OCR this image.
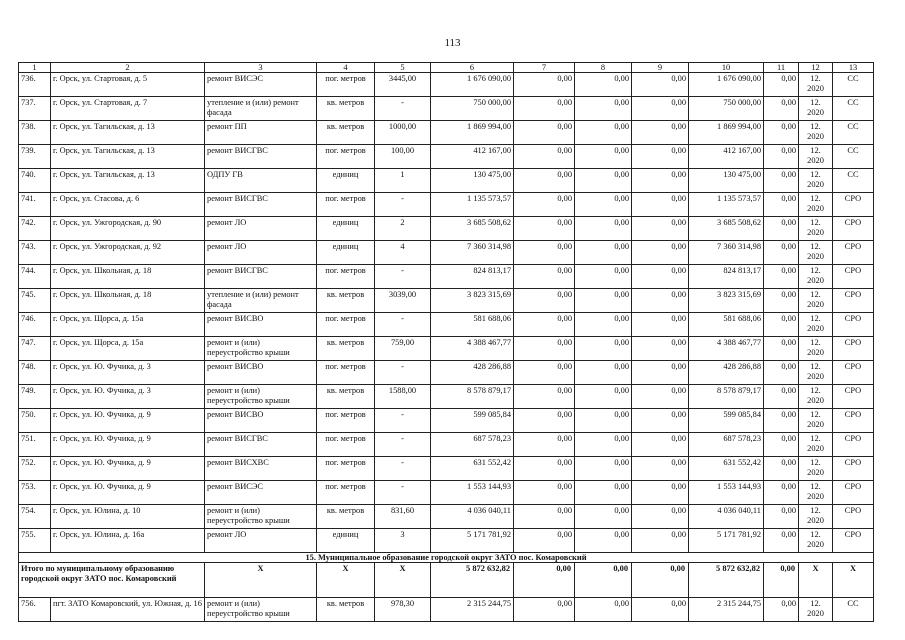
113
1	2	3	4	5	6	7	8	9	10	11	12	13
736.	г. Орск, ул. Стартовая, д. 5	ремонт ВИСЭС	пог. метров	3445,00	1 676 090,00	0,00	0,00	0,00	1 676 090,00	0,00	12. 2020	СС
737.	г. Орск, ул. Стартовая, д. 7	утепление и (или) ремонт фасада	кв. метров	-	750 000,00	0,00	0,00	0,00	750 000,00	0,00	12. 2020	СС
738.	г. Орск, ул. Тагильская, д. 13	ремонт ПП	кв. метров	1000,00	1 869 994,00	0,00	0,00	0,00	1 869 994,00	0,00	12. 2020	СС
739.	г. Орск, ул. Тагильская, д. 13	ремонт ВИСГВС	пог. метров	100,00	412 167,00	0,00	0,00	0,00	412 167,00	0,00	12. 2020	СС
740.	г. Орск, ул. Тагильская, д. 13	ОДПУ ГВ	единиц	1	130 475,00	0,00	0,00	0,00	130 475,00	0,00	12. 2020	СС
741.	г. Орск, ул. Стасова, д. 6	ремонт ВИСГВС	пог. метров	-	1 135 573,57	0,00	0,00	0,00	1 135 573,57	0,00	12. 2020	СРО
742.	г. Орск, ул. Ужгородская, д. 90	ремонт ЛО	единиц	2	3 685 508,62	0,00	0,00	0,00	3 685 508,62	0,00	12. 2020	СРО
743.	г. Орск, ул. Ужгородская, д. 92	ремонт ЛО	единиц	4	7 360 314,98	0,00	0,00	0,00	7 360 314,98	0,00	12. 2020	СРО
744.	г. Орск, ул. Школьная, д. 18	ремонт ВИСГВС	пог. метров	-	824 813,17	0,00	0,00	0,00	824 813,17	0,00	12. 2020	СРО
745.	г. Орск, ул. Школьная, д. 18	утепление и (или) ремонт фасада	кв. метров	3039,00	3 823 315,69	0,00	0,00	0,00	3 823 315,69	0,00	12. 2020	СРО
746.	г. Орск, ул. Щорса, д. 15а	ремонт ВИСВО	пог. метров	-	581 688,06	0,00	0,00	0,00	581 688,06	0,00	12. 2020	СРО
747.	г. Орск, ул. Щорса, д. 15а	ремонт и (или) переустройство крыши	кв. метров	759,00	4 388 467,77	0,00	0,00	0,00	4 388 467,77	0,00	12. 2020	СРО
748.	г. Орск, ул. Ю. Фучика, д. 3	ремонт ВИСВО	пог. метров	-	428 286,88	0,00	0,00	0,00	428 286,88	0,00	12. 2020	СРО
749.	г. Орск, ул. Ю. Фучика, д. 3	ремонт и (или) переустройство крыши	кв. метров	1588,00	8 578 879,17	0,00	0,00	0,00	8 578 879,17	0,00	12. 2020	СРО
750.	г. Орск, ул. Ю. Фучика, д. 9	ремонт ВИСВО	пог. метров	-	599 085,84	0,00	0,00	0,00	599 085,84	0,00	12. 2020	СРО
751.	г. Орск, ул. Ю. Фучика, д. 9	ремонт ВИСГВС	пог. метров	-	687 578,23	0,00	0,00	0,00	687 578,23	0,00	12. 2020	СРО
752.	г. Орск, ул. Ю. Фучика, д. 9	ремонт ВИСХВС	пог. метров	-	631 552,42	0,00	0,00	0,00	631 552,42	0,00	12. 2020	СРО
753.	г. Орск, ул. Ю. Фучика, д. 9	ремонт ВИСЭС	пог. метров	-	1 553 144,93	0,00	0,00	0,00	1 553 144,93	0,00	12. 2020	СРО
754.	г. Орск, ул. Юлина, д. 10	ремонт и (или) переустройство крыши	кв. метров	831,60	4 036 040,11	0,00	0,00	0,00	4 036 040,11	0,00	12. 2020	СРО
755.	г. Орск, ул. Юлина, д. 16а	ремонт ЛО	единиц	3	5 171 781,92	0,00	0,00	0,00	5 171 781,92	0,00	12. 2020	СРО
15. Муниципальное образование городской округ ЗАТО пос. Комаровский												
Итого по муниципальному образованию городской округ ЗАТО пос. Комаровский		X	X	X	5 872 632,82	0,00	0,00	0,00	5 872 632,82	0,00	X	X
756.	пгт. ЗАТО Комаровский, ул. Южная, д. 16	ремонт и (или) переустройство крыши	кв. метров	978,30	2 315 244,75	0,00	0,00	0,00	2 315 244,75	0,00	12. 2020	СС
